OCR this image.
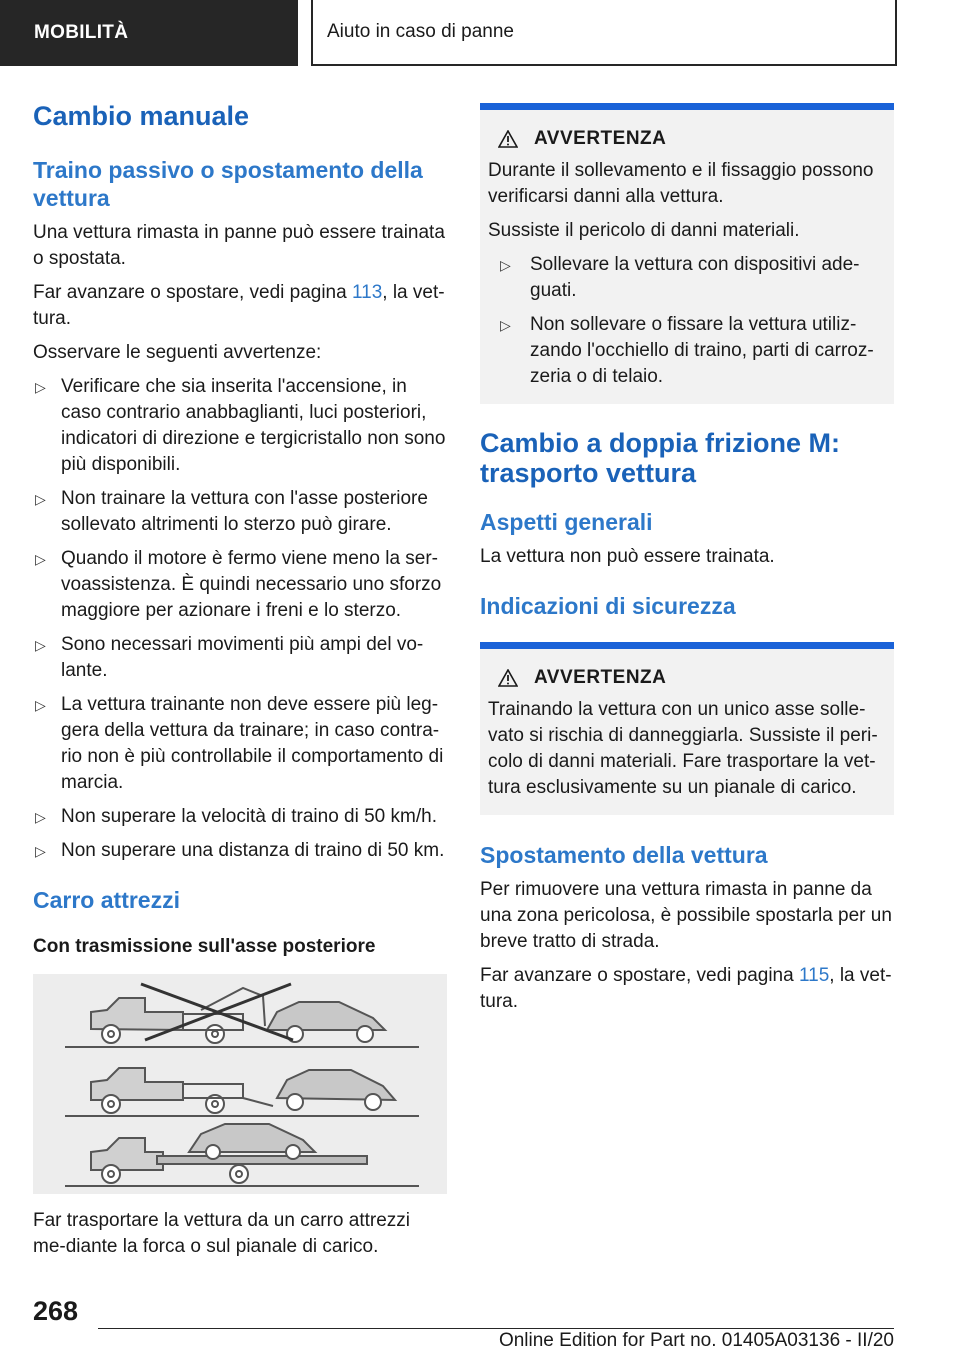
MOBILITÀ	Aiuto in caso di panne
Cambio manuale
Traino passivo o spostamento della vettura

Una vettura rimasta in panne può essere trainata o spostata.

Far avanzare o spostare, vedi pagina 113, la vet-tura.

Osservare le seguenti avvertenze:

▷ Verificare che sia inserita l'accensione, in caso contrario anabbaglianti, luci posteriori, indicatori di direzione e tergicristallo non sono più disponibili.
▷ Non trainare la vettura con l'asse posteriore sollevato altrimenti lo sterzo può girare.
▷ Quando il motore è fermo viene meno la ser-voassistenza. È quindi necessario uno sforzo maggiore per azionare i freni e lo sterzo.
▷ Sono necessari movimenti più ampi del vo-lante.
▷ La vettura trainante non deve essere più leg-gera della vettura da trainare; in caso contra-rio non è più controllabile il comportamento di marcia.
▷ Non superare la velocità di traino di 50 km/h.
▷ Non superare una distanza di traino di 50 km.
Carro attrezzi
Con trasmissione sull'asse posteriore

Far trasportare la vettura da un carro attrezzi me-diante la forca o sul pianale di carico.

AVVERTENZA

Durante il sollevamento e il fissaggio possono verificarsi danni alla vettura.

Sussiste il pericolo di danni materiali.

▷ Sollevare la vettura con dispositivi ade-guati.
▷ Non sollevare o fissare la vettura utiliz-zando l'occhiello di traino, parti di carroz-zeria o di telaio.
Cambio a doppia frizione M: trasporto vettura
Aspetti generali

La vettura non può essere trainata.

Indicazioni di sicurezza
AVVERTENZA

Trainando la vettura con un unico asse solle-vato si rischia di danneggiarla. Sussiste il peri-colo di danni materiali. Fare trasportare la vet-tura esclusivamente su un pianale di carico.

Spostamento della vettura

Per rimuovere una vettura rimasta in panne da una zona pericolosa, è possibile spostarla per un breve tratto di strada.

Far avanzare o spostare, vedi pagina 115, la vet-tura.

268
Online Edition for Part no. 01405A03136 - II/20
